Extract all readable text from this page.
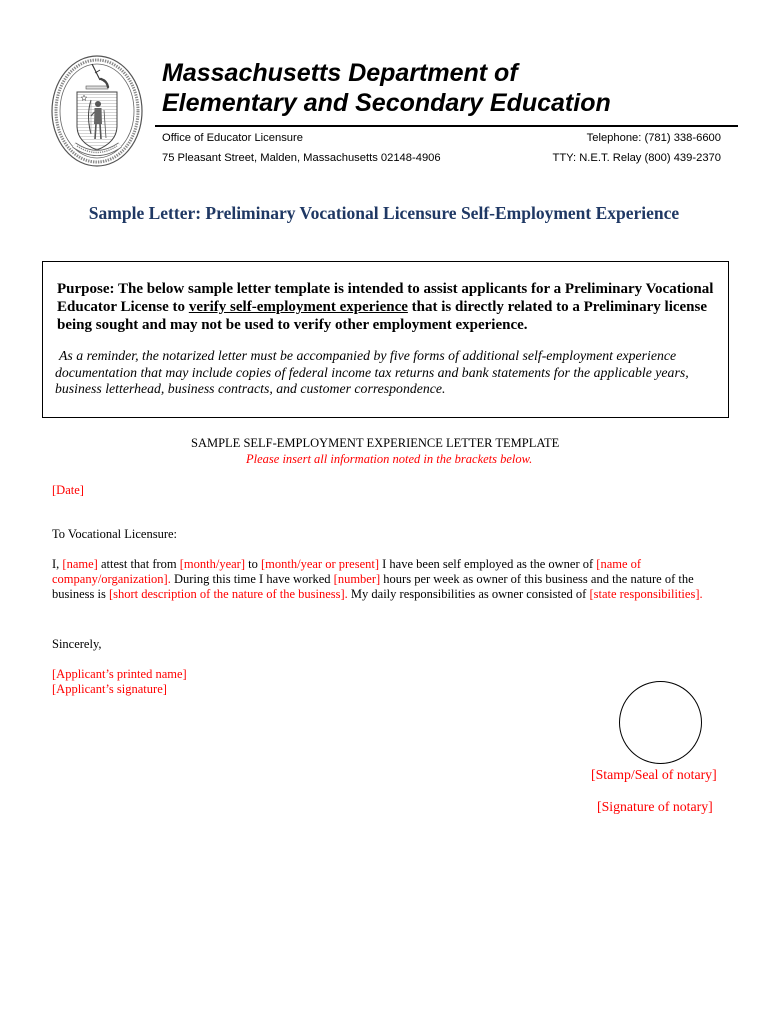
Massachusetts Department of
Elementary and Secondary Education
Office of Educator Licensure
75 Pleasant Street, Malden, Massachusetts 02148-4906
Telephone: (781) 338-6600
TTY: N.E.T. Relay (800) 439-2370
Sample Letter: Preliminary Vocational Licensure Self-Employment Experience
Purpose: The below sample letter template is intended to assist applicants for a Preliminary Vocational
Educator License to verify self-employment experience that is directly related to a Preliminary license
being sought and may not be used to verify other employment experience.
As a reminder, the notarized letter must be accompanied by five forms of additional self-employment experience
documentation that may include copies of federal income tax returns and bank statements for the applicable years,
business letterhead, business contracts, and customer correspondence.
SAMPLE SELF-EMPLOYMENT EXPERIENCE LETTER TEMPLATE
Please insert all information noted in the brackets below.
[Date]
To Vocational Licensure:
I, [name] attest that from [month/year] to [month/year or present] I have been self employed as the owner of [name of
company/organization]. During this time I have worked [number] hours per week as owner of this business and the nature of the
business is [short description of the nature of the business]. My daily responsibilities as owner consisted of [state responsibilities].
Sincerely,
[Applicant’s printed name]
[Applicant’s signature]
[Stamp/Seal of notary]
[Signature of notary]
